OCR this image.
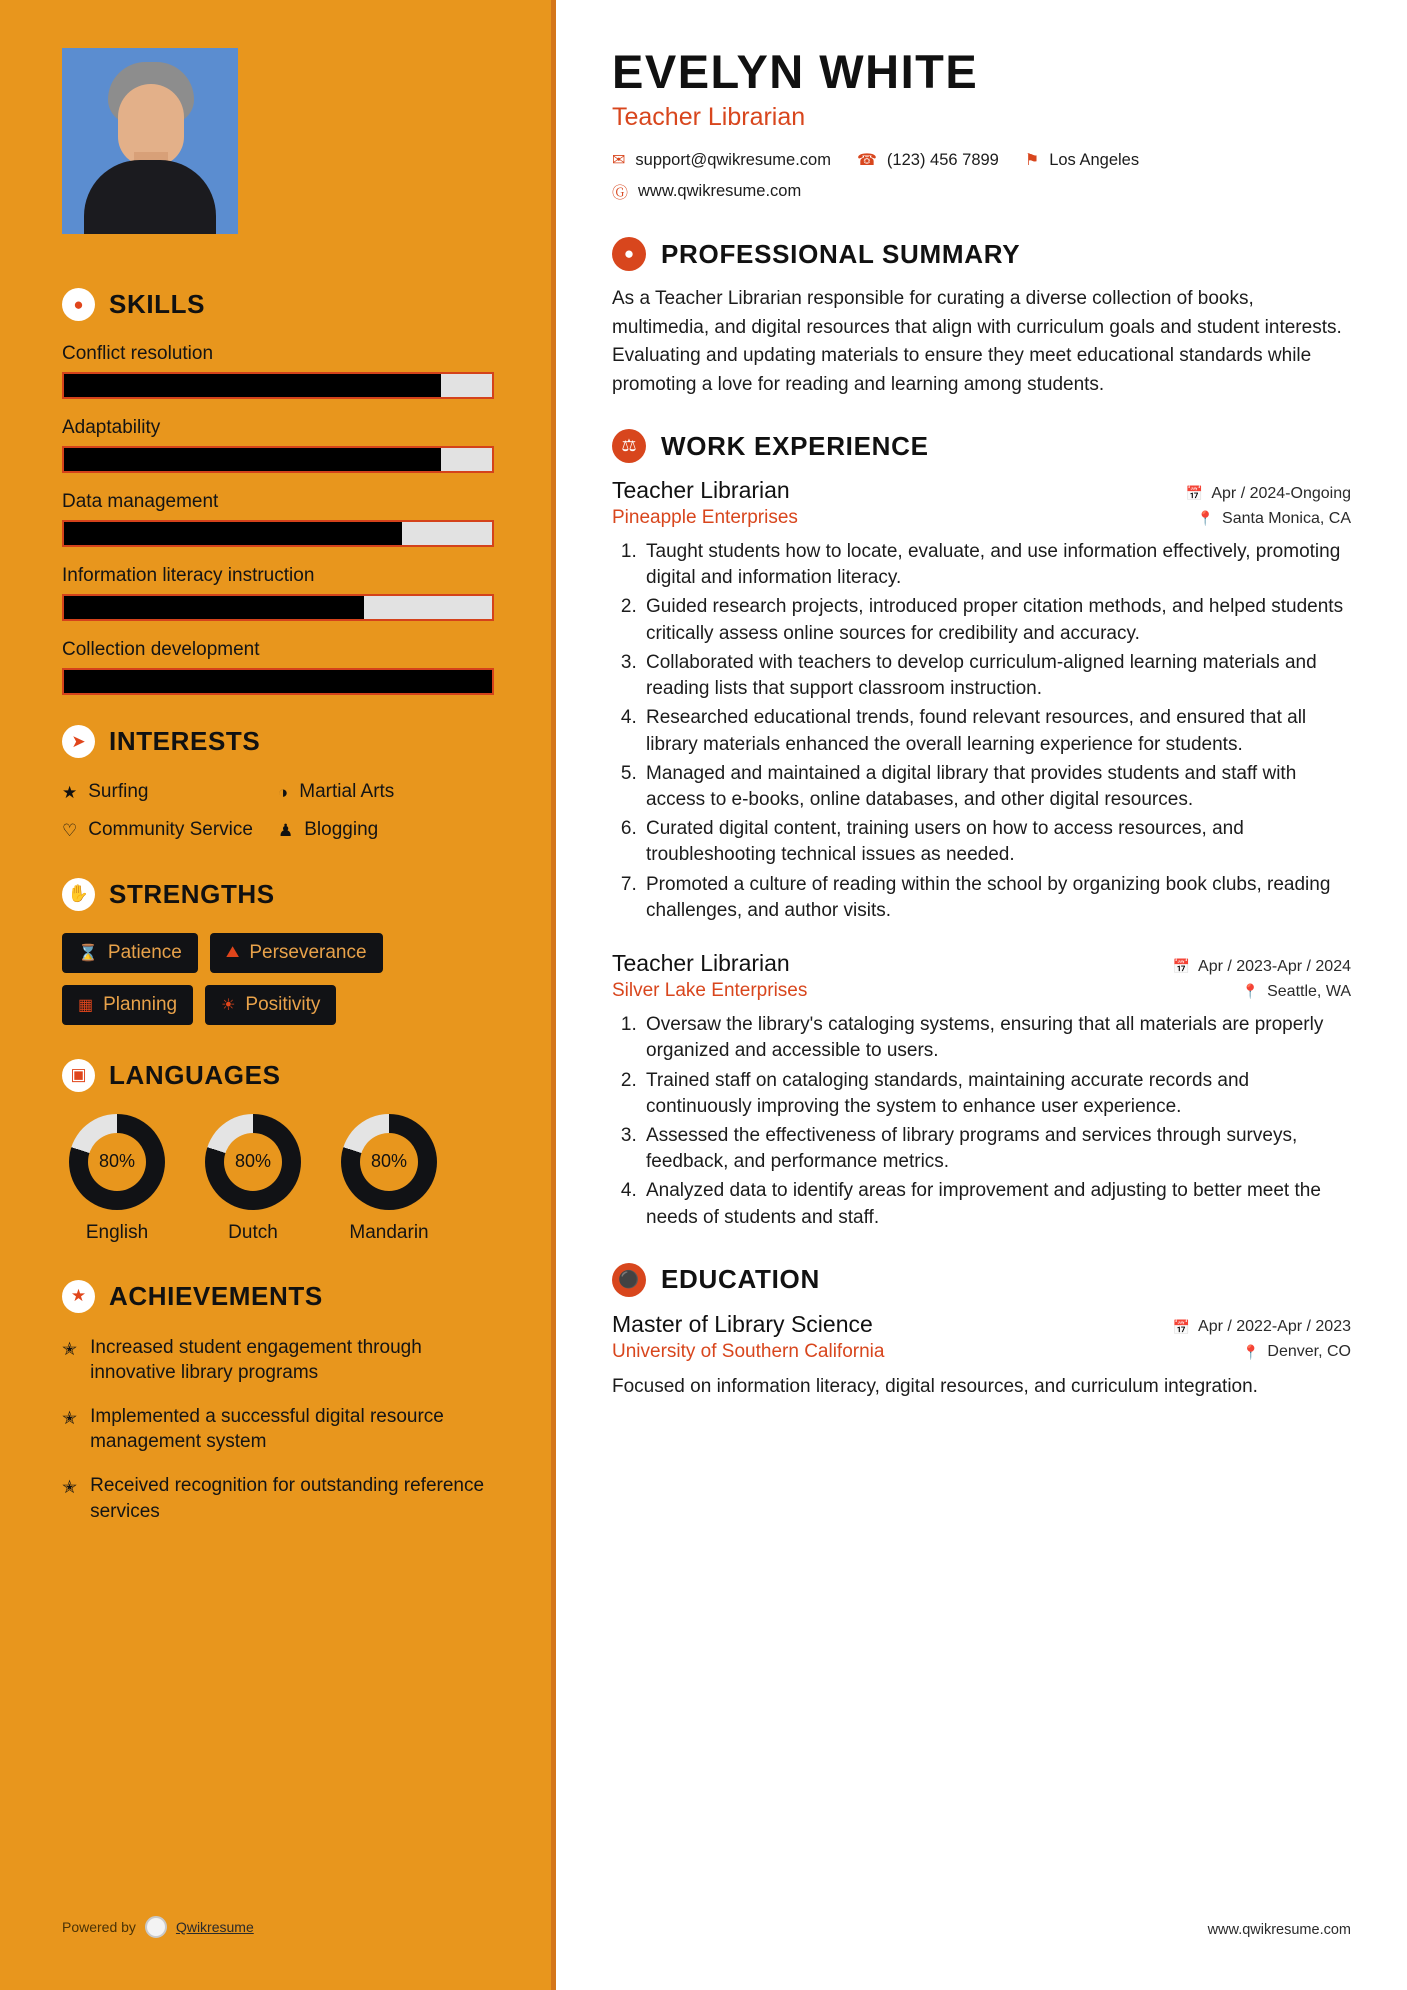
● SKILLS
Conflict resolution
Adaptability
Data management
Information literacy instruction
Collection development
➤ INTERESTS
★ Surfing	◑ Martial Arts
♡ Community Service ♟ Blogging
✋ STRENGTHS
⌛ Patience	⛰ Perseverance
▦ Planning	☀ Positivity
▣ LANGUAGES
80%
English
80%
Dutch
80%
Mandarin
★ ACHIEVEMENTS
✭ Increased student engagement through innovative library programs
✭ Implemented a successful digital resource management system
✭ Received recognition for outstanding reference services
Powered by	Qwikresume
EVELYN WHITE
Teacher Librarian
✉ support@qwikresume.com ☎ (123) 456 7899 ⚑ Los Angeles
Ⓖ www.qwikresume.com
●	PROFESSIONAL SUMMARY

As a Teacher Librarian responsible for curating a diverse collection of books, multimedia, and digital resources that align with curriculum goals and student interests. Evaluating and updating materials to ensure they meet educational standards while promoting a love for reading and learning among students.

⚖ WORK EXPERIENCE
Teacher Librarian	📅 Apr / 2024-Ongoing
Pineapple Enterprises	📍 Santa Monica, CA
1. Taught students how to locate, evaluate, and use information effectively, promoting digital and information literacy.
2. Guided research projects, introduced proper citation methods, and helped students critically assess online sources for credibility and accuracy.
3. Collaborated with teachers to develop curriculum-aligned learning materials and reading lists that support classroom instruction.
4. Researched educational trends, found relevant resources, and ensured that all library materials enhanced the overall learning experience for students.
5. Managed and maintained a digital library that provides students and staff with access to e-books, online databases, and other digital resources.
6. Curated digital content, training users on how to access resources, and troubleshooting technical issues as needed.
7. Promoted a culture of reading within the school by organizing book clubs, reading challenges, and author visits.
Teacher Librarian	📅 Apr / 2023-Apr / 2024
Silver Lake Enterprises	📍 Seattle, WA
1. Oversaw the library's cataloging systems, ensuring that all materials are properly organized and accessible to users.
2. Trained staff on cataloging standards, maintaining accurate records and continuously improving the system to enhance user experience.
3. Assessed the effectiveness of library programs and services through surveys, feedback, and performance metrics.
4. Analyzed data to identify areas for improvement and adjusting to better meet the needs of students and staff.
⚫ EDUCATION
Master of Library Science	📅 Apr / 2022-Apr / 2023
University of Southern California	📍 Denver, CO

Focused on information literacy, digital resources, and curriculum integration.

www.qwikresume.com
